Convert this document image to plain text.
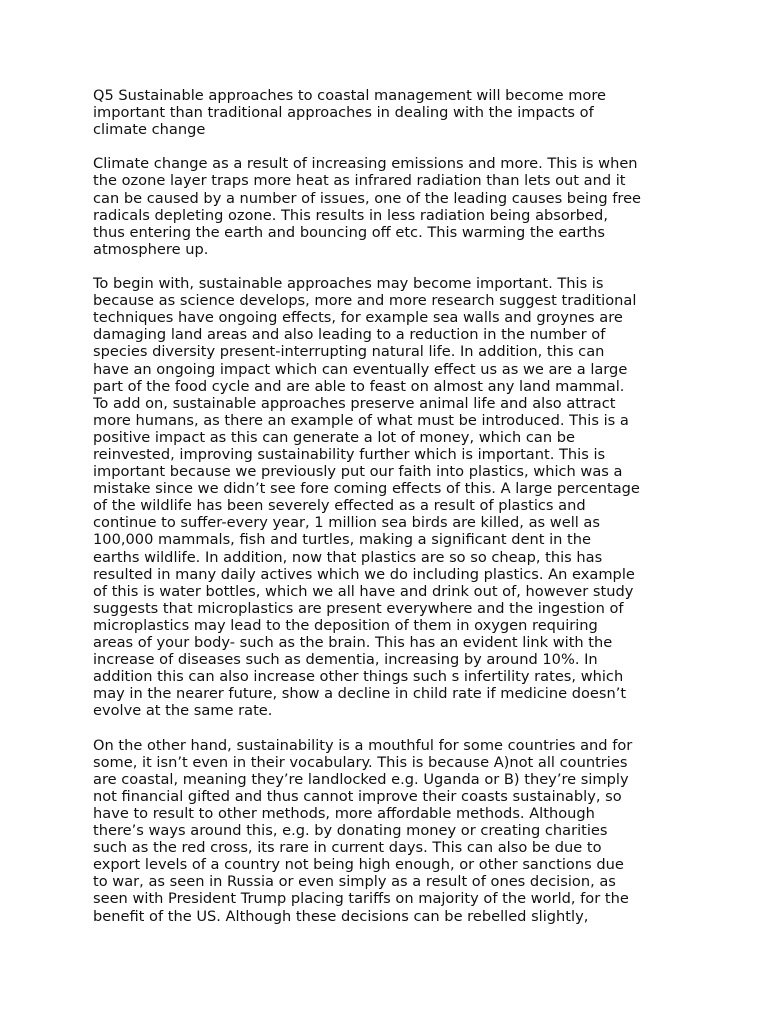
Q5 Sustainable approaches to coastal management will become more
important than traditional approaches in dealing with the impacts of
climate change

Climate change as a result of increasing emissions and more. This is when
the ozone layer traps more heat as infrared radiation than lets out and it
can be caused by a number of issues, one of the leading causes being free
radicals depleting ozone. This results in less radiation being absorbed,
thus entering the earth and bouncing off etc. This warming the earths
atmosphere up.

To begin with, sustainable approaches may become important. This is
because as science develops, more and more research suggest traditional
techniques have ongoing effects, for example sea walls and groynes are
damaging land areas and also leading to a reduction in the number of
species diversity present-interrupting natural life. In addition, this can
have an ongoing impact which can eventually effect us as we are a large
part of the food cycle and are able to feast on almost any land mammal.
To add on, sustainable approaches preserve animal life and also attract
more humans, as there an example of what must be introduced. This is a
positive impact as this can generate a lot of money, which can be
reinvested, improving sustainability further which is important. This is
important because we previously put our faith into plastics, which was a
mistake since we didn’t see fore coming effects of this. A large percentage
of the wildlife has been severely effected as a result of plastics and
continue to suffer-every year, 1 million sea birds are killed, as well as
100,000 mammals, fish and turtles, making a significant dent in the
earths wildlife. In addition, now that plastics are so so cheap, this has
resulted in many daily actives which we do including plastics. An example
of this is water bottles, which we all have and drink out of, however study
suggests that microplastics are present everywhere and the ingestion of
microplastics may lead to the deposition of them in oxygen requiring
areas of your body- such as the brain. This has an evident link with the
increase of diseases such as dementia, increasing by around 10%. In
addition this can also increase other things such s infertility rates, which
may in the nearer future, show a decline in child rate if medicine doesn’t
evolve at the same rate.

On the other hand, sustainability is a mouthful for some countries and for
some, it isn’t even in their vocabulary. This is because A)not all countries
are coastal, meaning they’re landlocked e.g. Uganda or B) they’re simply
not financial gifted and thus cannot improve their coasts sustainably, so
have to result to other methods, more affordable methods. Although
there’s ways around this, e.g. by donating money or creating charities
such as the red cross, its rare in current days. This can also be due to
export levels of a country not being high enough, or other sanctions due
to war, as seen in Russia or even simply as a result of ones decision, as
seen with President Trump placing tariffs on majority of the world, for the
benefit of the US. Although these decisions can be rebelled slightly,
